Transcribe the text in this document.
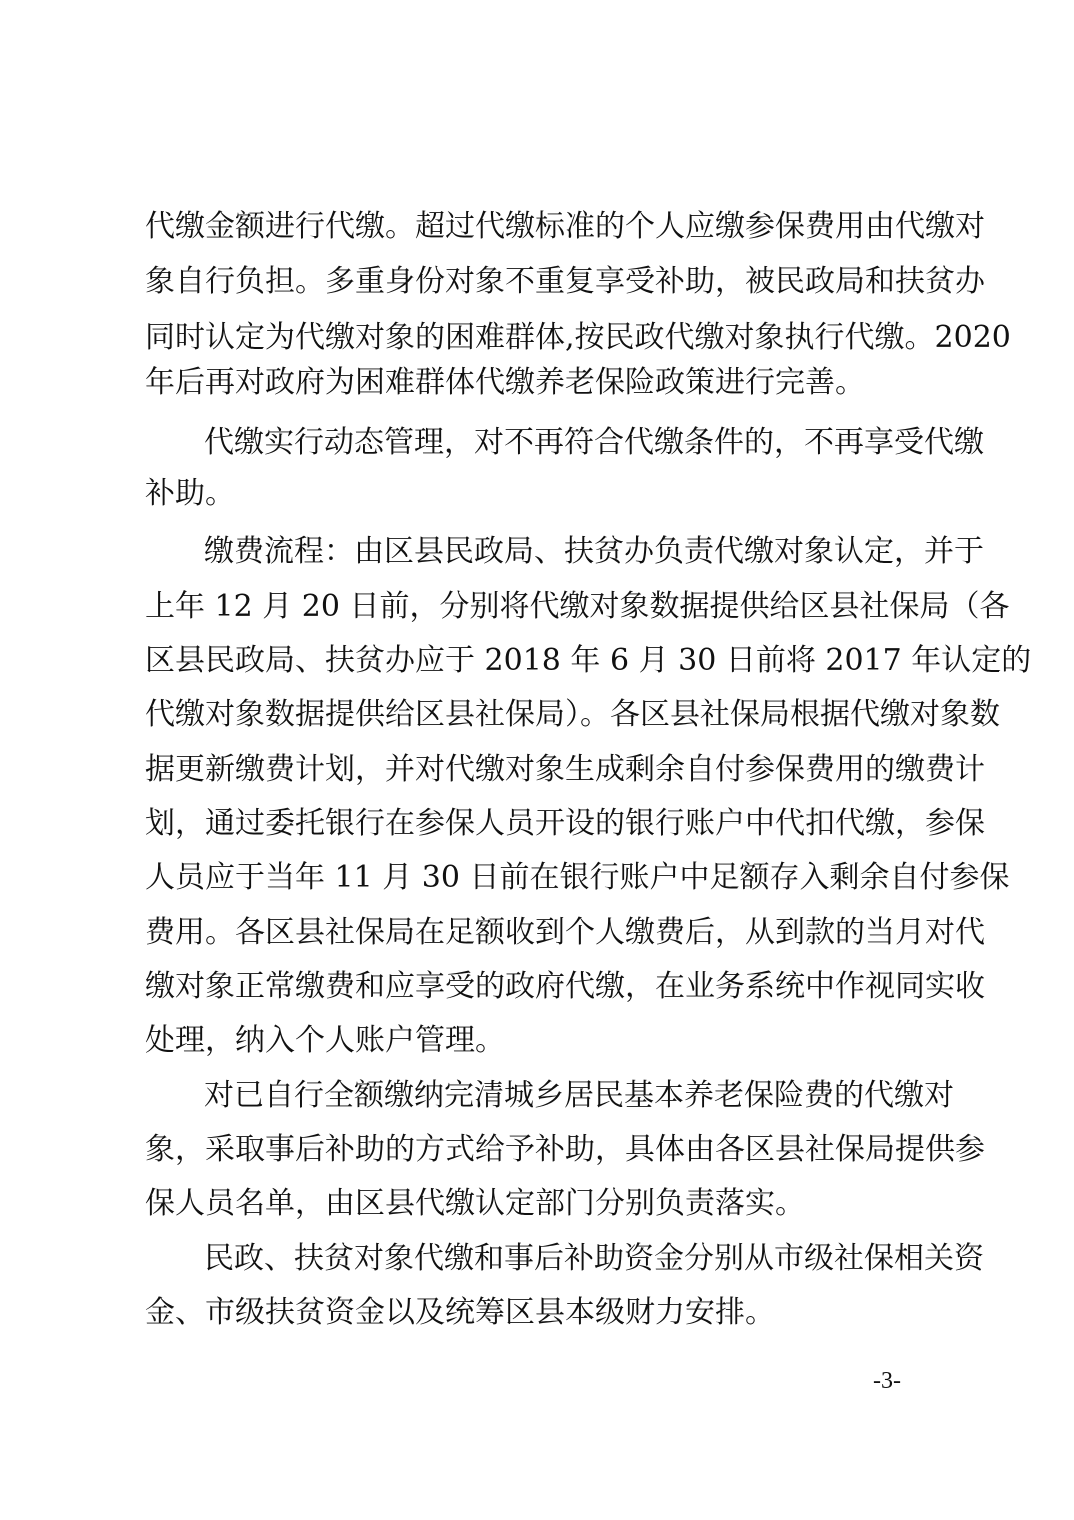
代缴金额进行代缴。超过代缴标准的个人应缴参保费用由代缴对
象自行负担。多重身份对象不重复享受补助，被民政局和扶贫办
同时认定为代缴对象的困难群体,按民政代缴对象执行代缴。2020
年后再对政府为困难群体代缴养老保险政策进行完善。
代缴实行动态管理，对不再符合代缴条件的，不再享受代缴
补助。
缴费流程：由区县民政局、扶贫办负责代缴对象认定，并于
上年 12 月 20 日前，分别将代缴对象数据提供给区县社保局（各
区县民政局、扶贫办应于 2018 年 6 月 30 日前将 2017 年认定的
代缴对象数据提供给区县社保局）。各区县社保局根据代缴对象数
据更新缴费计划，并对代缴对象生成剩余自付参保费用的缴费计
划，通过委托银行在参保人员开设的银行账户中代扣代缴，参保
人员应于当年 11 月 30 日前在银行账户中足额存入剩余自付参保
费用。各区县社保局在足额收到个人缴费后，从到款的当月对代
缴对象正常缴费和应享受的政府代缴，在业务系统中作视同实收
处理，纳入个人账户管理。
对已自行全额缴纳完清城乡居民基本养老保险费的代缴对
象，采取事后补助的方式给予补助，具体由各区县社保局提供参
保人员名单，由区县代缴认定部门分别负责落实。
民政、扶贫对象代缴和事后补助资金分别从市级社保相关资
金、市级扶贫资金以及统筹区县本级财力安排。
-3-
